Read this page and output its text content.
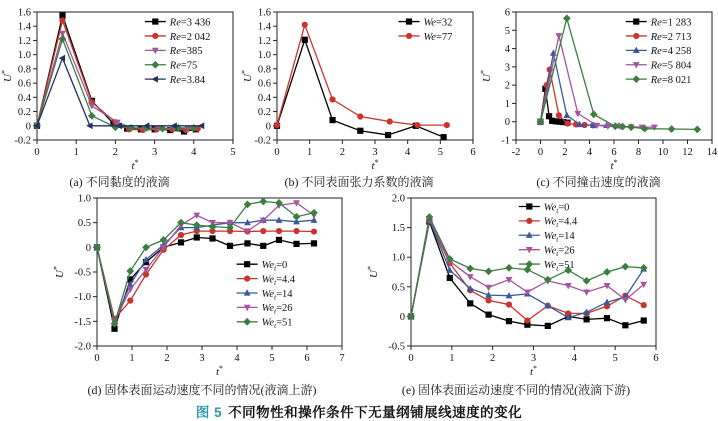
0	1	2	3	4	5
1.6
1.4
1.2
1.0
0.8
0.6
0.4
0.2
0
-0.2
t*
U*
Re=3 436
Re=2 042
Re=385
Re=75
Re=3.84
(a) 不同黏度的液滴
0	1	2	3	4	5	6
1.6
1.4
1.2
1.0
0.8
0.6
0.4
0.2
0
-0.2
t*
U*
We=32
We=77
(b) 不同表面张力系数的液滴
-2 0 2 4 6 8 10 12 14
6
5
4
3
2
1
0
-1
t*
U*
Re=1 283
Re=2 713
Re=4 258
Re=5 804
Re=8 021
(c) 不同撞击速度的液滴
0	1	2	3	4	5	6	7
1.0
0.5
0
-0.5
-1.0
-1.5
-2.0
t*
U*	$We_t=0$
$We_t=4.4$
$We_t=14$
$We_t=26$
$We_t=51$
(d) 固体表面运动速度不同的情况(液滴上游)
0	1	2	3	4	5	6
2.0
1.5
1.0
0.5
0
-0.5
t*
U*
$We_t=0$
$We_t=4.4$
$We_t=14$
$We_t=26$
$We_t=51$
(e) 固体表面运动速度不同的情况(液滴下游)
图 5 不同物性和操作条件下无量纲铺展线速度的变化
